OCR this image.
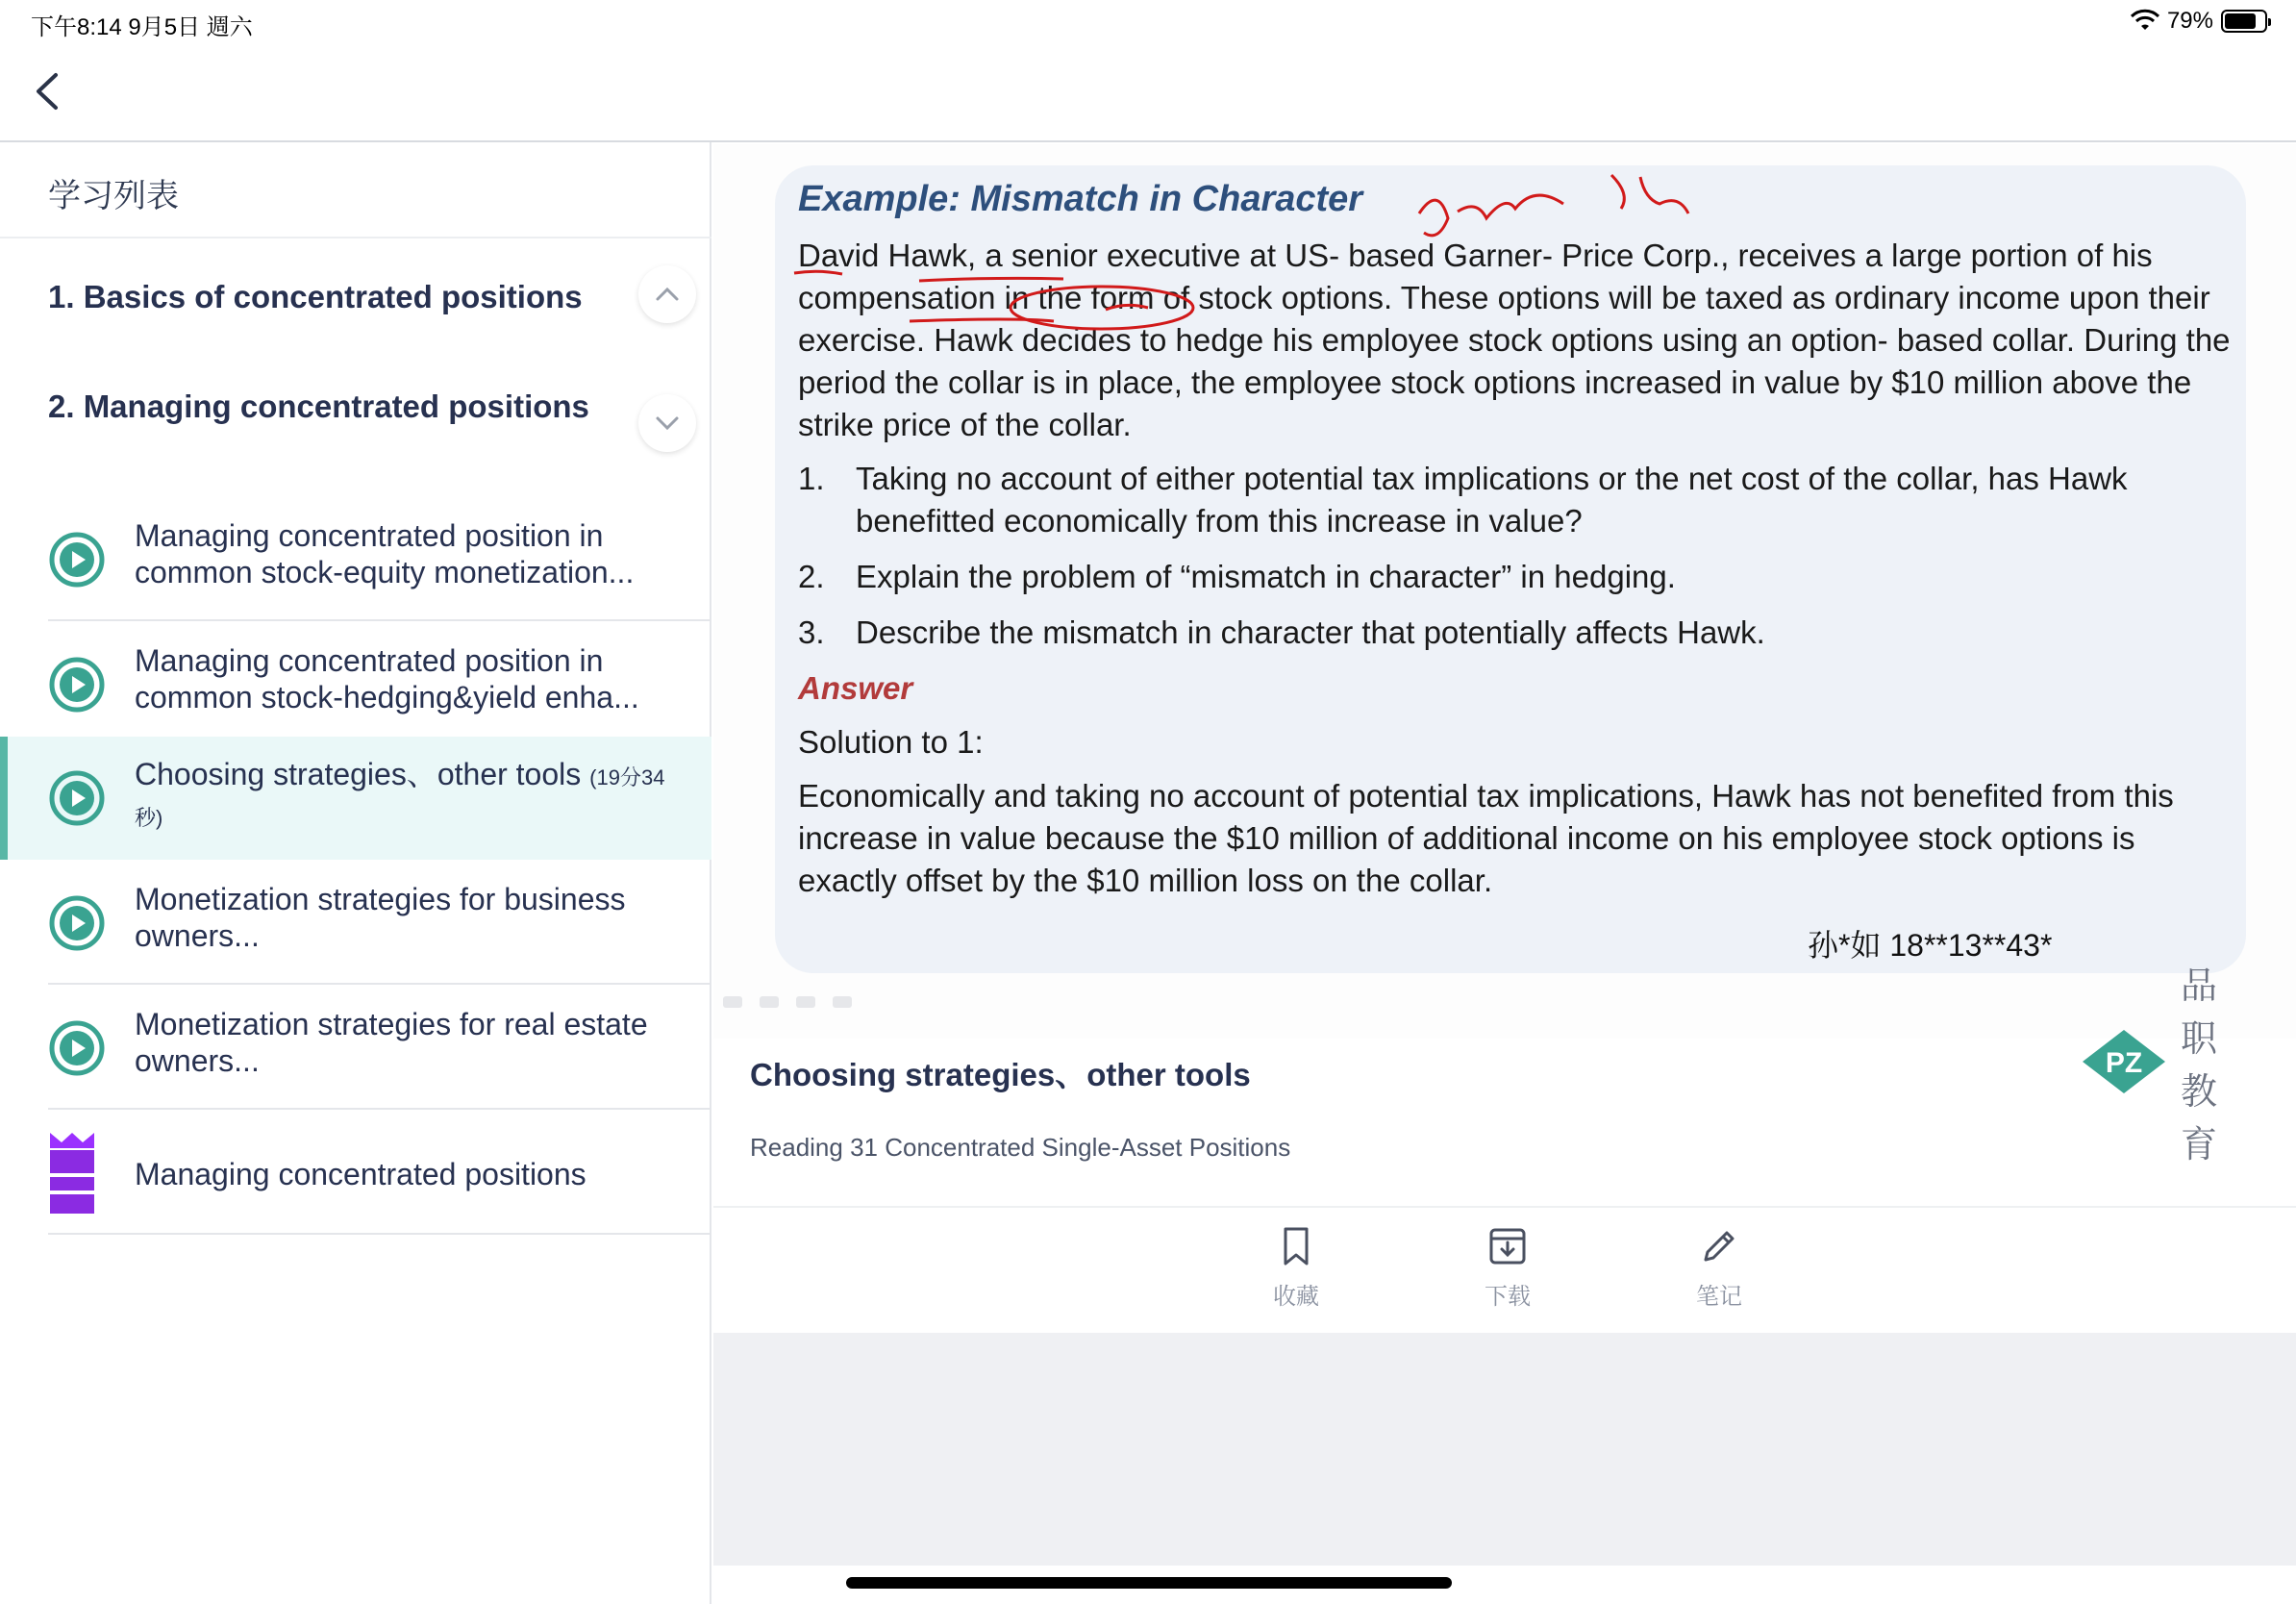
下午8:14 9月5日 週六	79%
学习列表
1. Basics of concentrated positions
2. Managing concentrated positions
Managing concentrated position in common stock-equity monetization...
Managing concentrated position in common stock-hedging&yield enha...
Choosing strategies、other tools (19分34秒)
Monetization strategies for business owners...
Monetization strategies for real estate owners...
Managing concentrated positions
Example: Mismatch in Character

David Hawk, a senior executive at US- based Garner- Price Corp., receives a large portion of his compensation in the form of stock options. These options will be taxed as ordinary income upon their exercise. Hawk decides to hedge his employee stock options using an option- based collar. During the period the collar is in place, the employee stock options increased in value by $10 million above the strike price of the collar.

1. Taking no account of either potential tax implications or the net cost of the collar, has Hawk benefitted economically from this increase in value?
2. Explain the problem of “mismatch in character” in hedging.
3. Describe the mismatch in character that potentially affects Hawk.

Answer

Solution to 1:

Economically and taking no account of potential tax implications, Hawk has not benefited from this increase in value because the $10 million of additional income on his employee stock options is exactly offset by the $10 million loss on the collar.

孙*如 18**13**43*
PZ
品职教育
Choosing strategies、other tools
Reading 31 Concentrated Single-Asset Positions
收藏	下载	笔记
